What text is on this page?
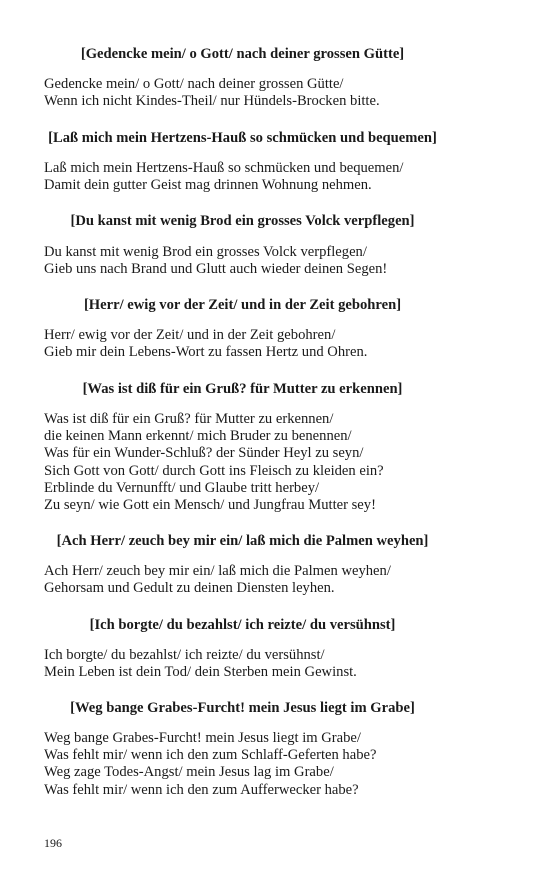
[Gedencke mein/ o Gott/ nach deiner grossen Gütte]
Gedencke mein/ o Gott/ nach deiner grossen Gütte/
Wenn ich nicht Kindes-Theil/ nur Hündels-Brocken bitte.
[Laß mich mein Hertzens-Hauß so schmücken und bequemen]
Laß mich mein Hertzens-Hauß so schmücken und bequemen/
Damit dein gutter Geist mag drinnen Wohnung nehmen.
[Du kanst mit wenig Brod ein grosses Volck verpflegen]
Du kanst mit wenig Brod ein grosses Volck verpflegen/
Gieb uns nach Brand und Glutt auch wieder deinen Segen!
[Herr/ ewig vor der Zeit/ und in der Zeit gebohren]
Herr/ ewig vor der Zeit/ und in der Zeit gebohren/
Gieb mir dein Lebens-Wort zu fassen Hertz und Ohren.
[Was ist diß für ein Gruß? für Mutter zu erkennen]
Was ist diß für ein Gruß? für Mutter zu erkennen/
die keinen Mann erkennt/ mich Bruder zu benennen/
Was für ein Wunder-Schluß? der Sünder Heyl zu seyn/
Sich Gott von Gott/ durch Gott ins Fleisch zu kleiden ein?
Erblinde du Vernunfft/ und Glaube tritt herbey/
Zu seyn/ wie Gott ein Mensch/ und Jungfrau Mutter sey!
[Ach Herr/ zeuch bey mir ein/ laß mich die Palmen weyhen]
Ach Herr/ zeuch bey mir ein/ laß mich die Palmen weyhen/
Gehorsam und Gedult zu deinen Diensten leyhen.
[Ich borgte/ du bezahlst/ ich reizte/ du versühnst]
Ich borgte/ du bezahlst/ ich reizte/ du versühnst/
Mein Leben ist dein Tod/ dein Sterben mein Gewinst.
[Weg bange Grabes-Furcht! mein Jesus liegt im Grabe]
Weg bange Grabes-Furcht! mein Jesus liegt im Grabe/
Was fehlt mir/ wenn ich den zum Schlaff-Geferten habe?
Weg zage Todes-Angst/ mein Jesus lag im Grabe/
Was fehlt mir/ wenn ich den zum Aufferwecker habe?
196
